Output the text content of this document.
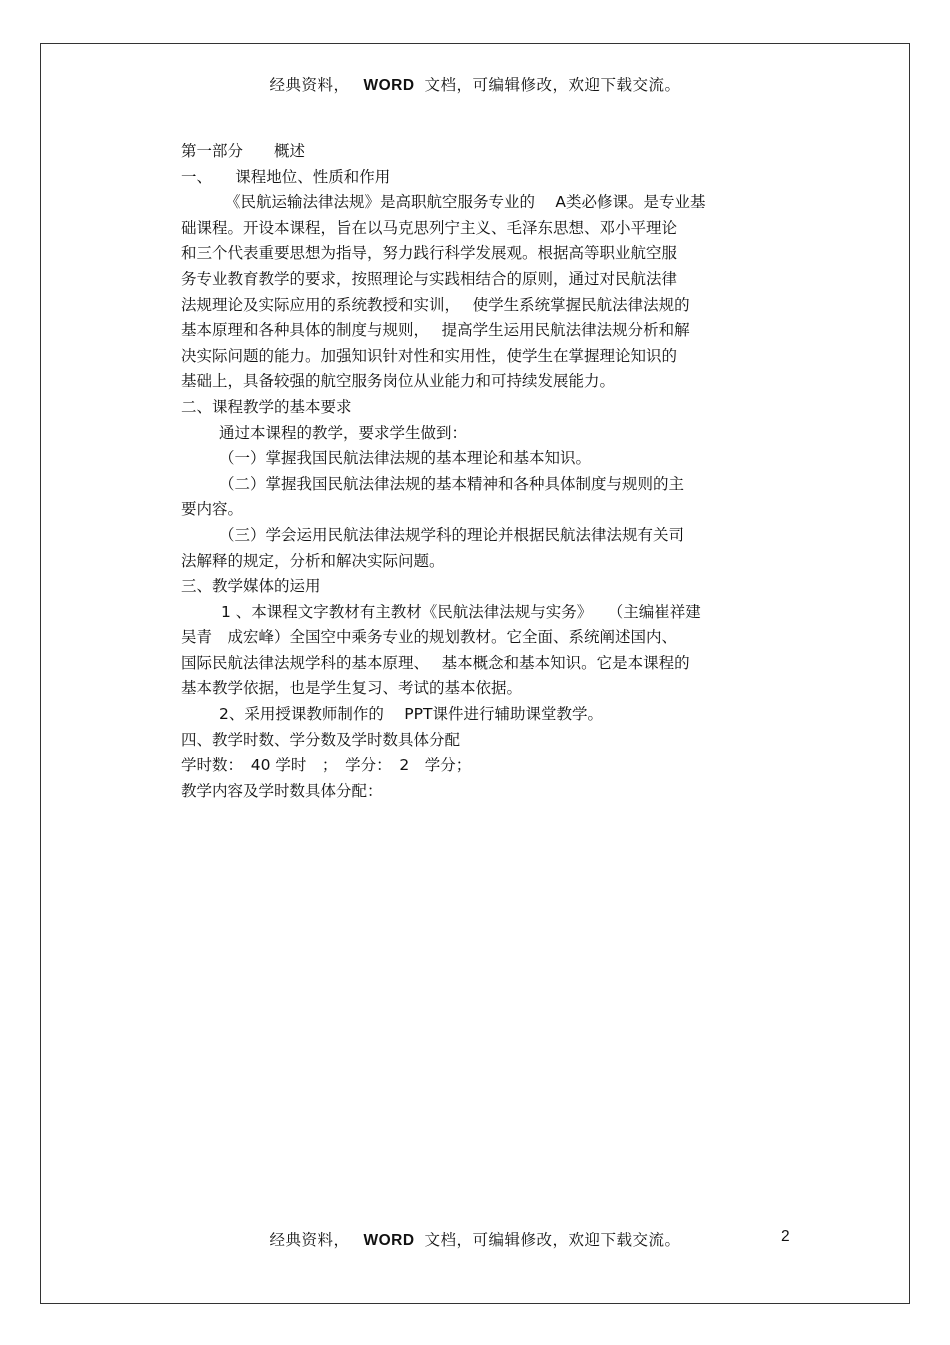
经典资料， WORD 文档，可编辑修改，欢迎下载交流。
第一部分　　概述
一、　　课程地位、性质和作用
《民航运输法律法规》是高职航空服务专业的　 A类必修课。是专业基
础课程。开设本课程，旨在以马克思列宁主义、毛泽东思想、邓小平理论
和三个代表重要思想为指导，努力践行科学发展观。根据高等职业航空服
务专业教育教学的要求，按照理论与实践相结合的原则，通过对民航法律
法规理论及实际应用的系统教授和实训，　 使学生系统掌握民航法律法规的
基本原理和各种具体的制度与规则，　 提高学生运用民航法律法规分析和解
决实际问题的能力。加强知识针对性和实用性，使学生在掌握理论知识的
基础上，具备较强的航空服务岗位从业能力和可持续发展能力。
二、课程教学的基本要求
通过本课程的教学，要求学生做到：
（一）掌握我国民航法律法规的基本理论和基本知识。
（二）掌握我国民航法律法规的基本精神和各种具体制度与规则的主
要内容。
（三）学会运用民航法律法规学科的理论并根据民航法律法规有关司
法解释的规定，分析和解决实际问题。
三、教学媒体的运用
1 、本课程文字教材有主教材《民航法律法规与实务》　　（主编崔祥建
吴青　成宏峰）全国空中乘务专业的规划教材。它全面、系统阐述国内、
国际民航法律法规学科的基本原理、　 基本概念和基本知识。它是本课程的
基本教学依据，也是学生复习、考试的基本依据。
2、采用授课教师制作的　 PPT课件进行辅助课堂教学。
四、教学时数、学分数及学时数具体分配
学时数：　40 学时　；　学分：　2　学分；
教学内容及学时数具体分配：
经典资料， WORD 文档，可编辑修改，欢迎下载交流。	2
